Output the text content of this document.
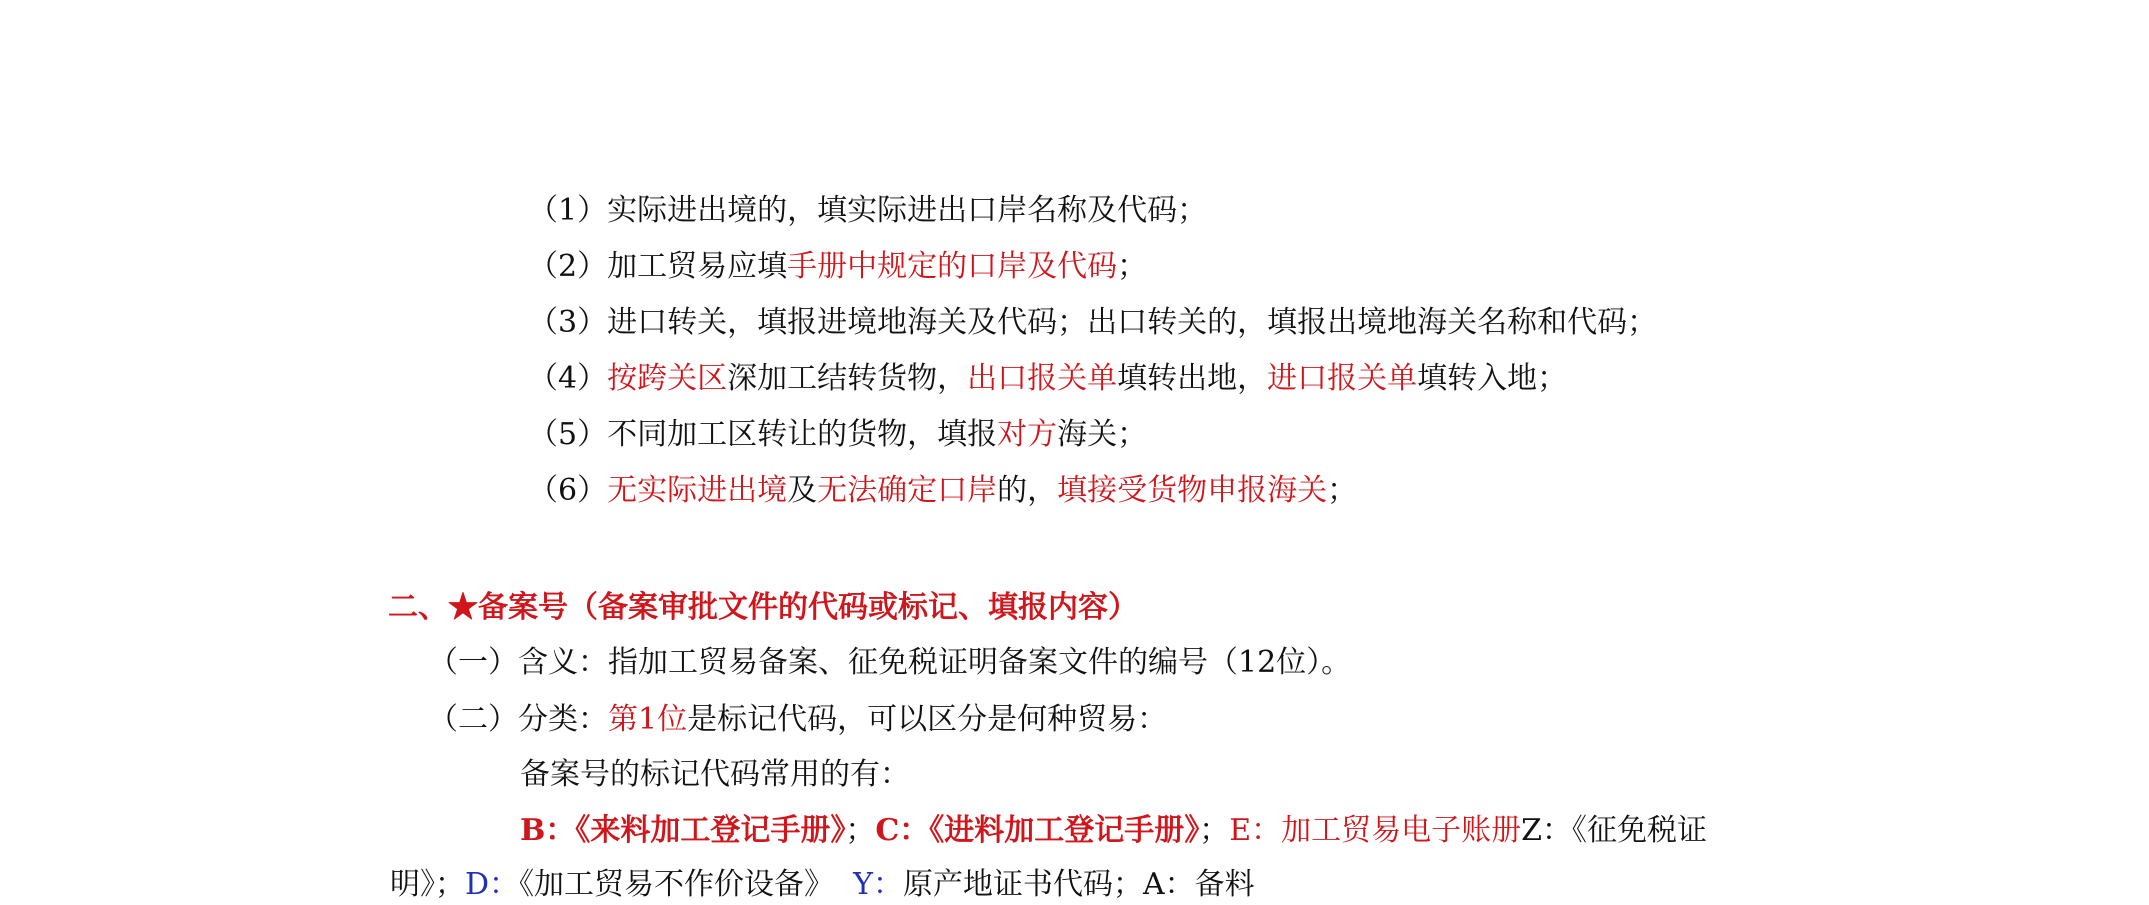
（1）实际进出境的，填实际进出口岸名称及代码；
（2）加工贸易应填手册中规定的口岸及代码；
（3）进口转关，填报进境地海关及代码；出口转关的，填报出境地海关名称和代码；
（4）按跨关区深加工结转货物，出口报关单填转出地，进口报关单填转入地；
（5）不同加工区转让的货物，填报对方海关；
（6）无实际进出境及无法确定口岸的，填接受货物申报海关；
二、★备案号（备案审批文件的代码或标记、填报内容）
（一）含义：指加工贸易备案、征免税证明备案文件的编号（12位）。
（二）分类：第1位是标记代码，可以区分是何种贸易：
备案号的标记代码常用的有：
B：《来料加工登记手册》；C：《进料加工登记手册》；E：加工贸易电子账册Z：《征免税证
明》；D：《加工贸易不作价设备》 Y：原产地证书代码；A：备料
